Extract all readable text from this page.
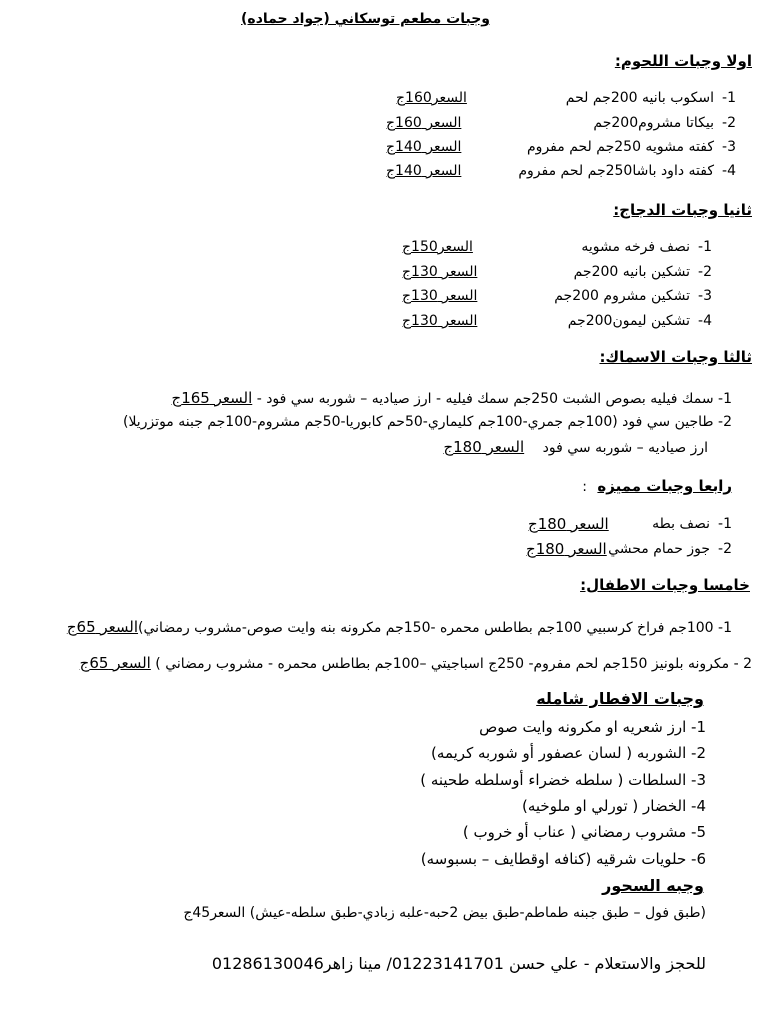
وجبات مطعم توسكاني (جواد حماده)
اولا وجبات اللحوم:
1-
اسكوب بانيه 200جم لحم
السعر160ج
2-
بيكاتا مشروم200جم
السعر 160ج
3-
كفته مشويه 250جم لحم مفروم
السعر 140ج
4-
كفته داود باشا250جم لحم مفروم
السعر 140ج
ثانيا وجبات الدجاج:
1-
نصف فرخه مشويه
السعر150ج
2-
تشكين بانيه 200جم
السعر 130ج
3-
تشكين مشروم 200جم
السعر 130ج
4-
تشكين ليمون200جم
السعر 130ج
ثالثا وجبات الاسماك:
1- سمك فيليه بصوص الشبت 250جم سمك فيليه - ارز صياديه – شوربه سي فود - السعر 165ج
2- طاجين سي فود (100جم جمري-100جم كليماري-50حم كابوريا-50جم مشروم-100جم جبنه موتزريلا)
ارز صياديه – شوربه سي فود السعر 180ج
رابعا وجبات مميزه :
1-
نصف بطه
السعر 180ج
2-
جوز حمام محشي
السعر 180ج
خامسا وجبات الاطفال:
1- 100جم فراخ كرسبيي 100جم بطاطس محمره -150جم مكرونه بنه وايت صوص-مشروب رمضاني)السعر 65ج
2 - مكرونه بلونيز 150جم لحم مفروم- 250ج اسباجيتي –100جم بطاطس محمره - مشروب رمضاني ) السعر 65ج
وجبات الافطار شامله
1- ارز شعريه او مكرونه وايت صوص
2- الشوربه ( لسان عصفور أو شوربه كريمه)
3- السلطات ( سلطه خضراء أوسلطه طحينه )
4- الخضار ( تورلي او ملوخيه)
5- مشروب رمضاني ( عناب أو خروب )
6- حلويات شرقيه (كنافه اوقطايف – بسبوسه)
وجبه السحور
(طبق فول – طبق جبنه طماطم-طبق بيض 2حبه-علبه زبادي-طبق سلطه-عيش) السعر45ج
للحجز والاستعلام - علي حسن 01223141701/ مينا زاهر01286130046
